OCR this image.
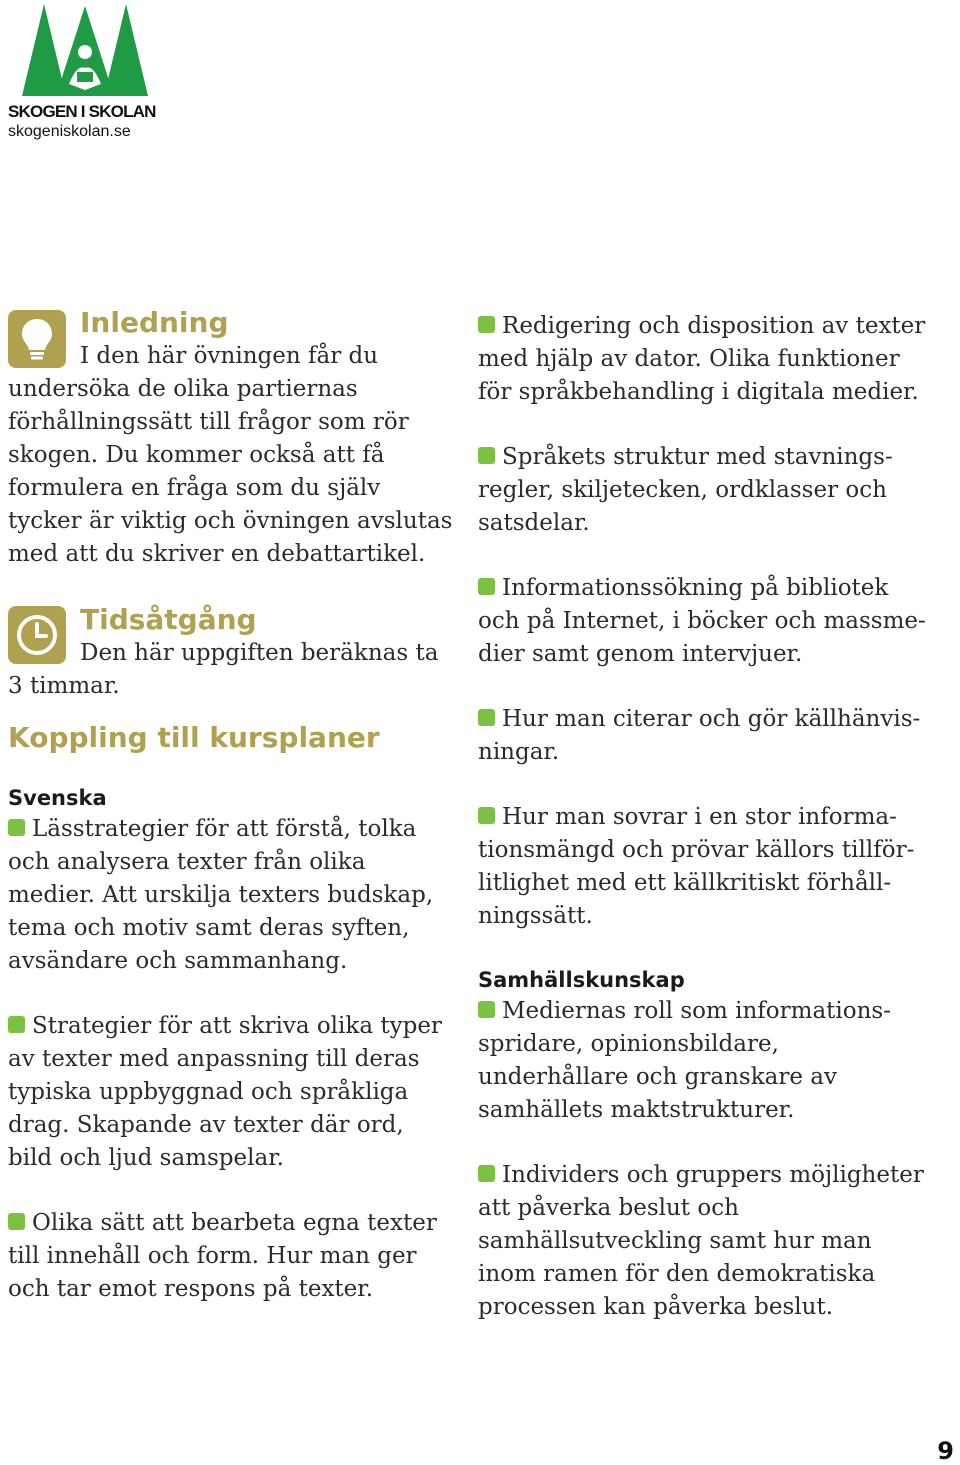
SKOGEN I SKOLAN
skogeniskolan.se
Inledning

I den här övningen får du undersöka de olika partiernas förhållningssätt till frågor som rör skogen. Du kommer också att få formulera en fråga som du själv tycker är viktig och övningen avslutas med att du skriver en debattartikel.

Tidsåtgång

Den här uppgiften beräknas ta 3 timmar.

Koppling till kursplaner
Svenska

Lässtrategier för att förstå, tolka och analysera texter från olika medier. Att urskilja texters budskap, tema och motiv samt deras syften, avsändare och sammanhang.

Strategier för att skriva olika typer av texter med anpassning till deras typiska uppbyggnad och språkliga drag. Skapande av texter där ord, bild och ljud samspelar.

Olika sätt att bearbeta egna texter till innehåll och form. Hur man ger och tar emot respons på texter.

Redigering och disposition av texter med hjälp av dator. Olika funktioner för språkbehandling i digitala medier.

Språkets struktur med stavningsregler, skiljetecken, ordklasser och satsdelar.

Informationssökning på bibliotek och på Internet, i böcker och massmedier samt genom intervjuer.

Hur man citerar och gör källhänvisningar.

Hur man sovrar i en stor informationsmängd och prövar källors tillförlitlighet med ett källkritiskt förhållningssätt.

Samhällskunskap

Mediernas roll som informationsspridare, opinionsbildare, underhållare och granskare av samhällets maktstrukturer.

Individers och gruppers möjligheter att påverka beslut och samhällsutveckling samt hur man inom ramen för den demokratiska processen kan påverka beslut.

9
